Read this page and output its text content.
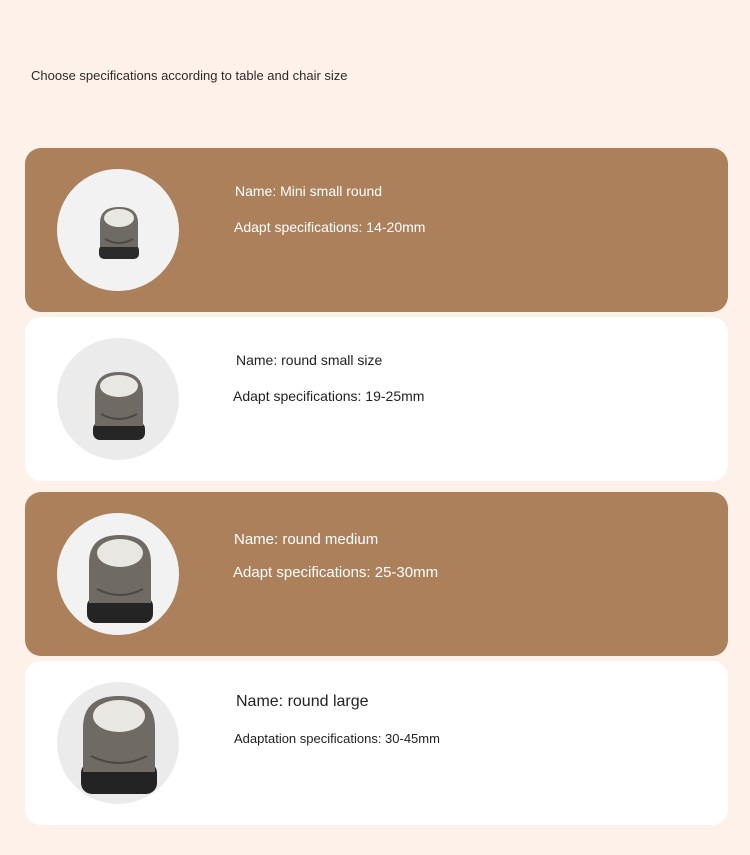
Choose specifications according to table and chair size
Name: Mini small round
Adapt specifications: 14-20mm
Name: round small size
Adapt specifications: 19-25mm
Name: round medium
Adapt specifications: 25-30mm
Name: round large
Adaptation specifications: 30-45mm
